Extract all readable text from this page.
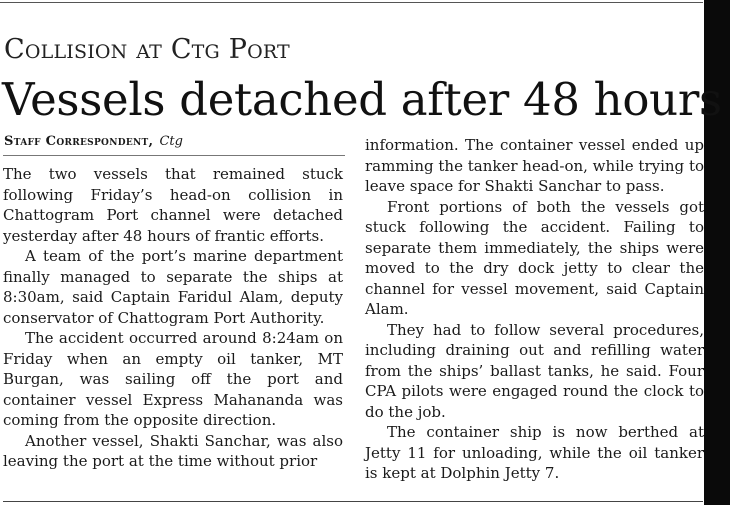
Collision at Ctg Port
Vessels detached after 48 hours
Staff Correspondent, Ctg

The two vessels that remained stuck following Friday’s head-on collision in Chattogram Port channel were detached yesterday after 48 hours of frantic efforts.

A team of the port’s marine department finally managed to separate the ships at 8:30am, said Captain Faridul Alam, deputy conservator of Chattogram Port Authority.

The accident occurred around 8:24am on Friday when an empty oil tanker, MT Burgan, was sailing off the port and container vessel Express Mahananda was coming from the opposite direction.

Another vessel, Shakti Sanchar, was also leaving the port at the time without prior

information. The container vessel ended up ramming the tanker head-on, while trying to leave space for Shakti Sanchar to pass.

Front portions of both the vessels got stuck following the accident. Failing to separate them immediately, the ships were moved to the dry dock jetty to clear the channel for vessel movement, said Captain Alam.

They had to follow several procedures, including draining out and refilling water from the ships’ ballast tanks, he said. Four CPA pilots were engaged round the clock to do the job.

The container ship is now berthed at Jetty 11 for unloading, while the oil tanker is kept at Dolphin Jetty 7.
